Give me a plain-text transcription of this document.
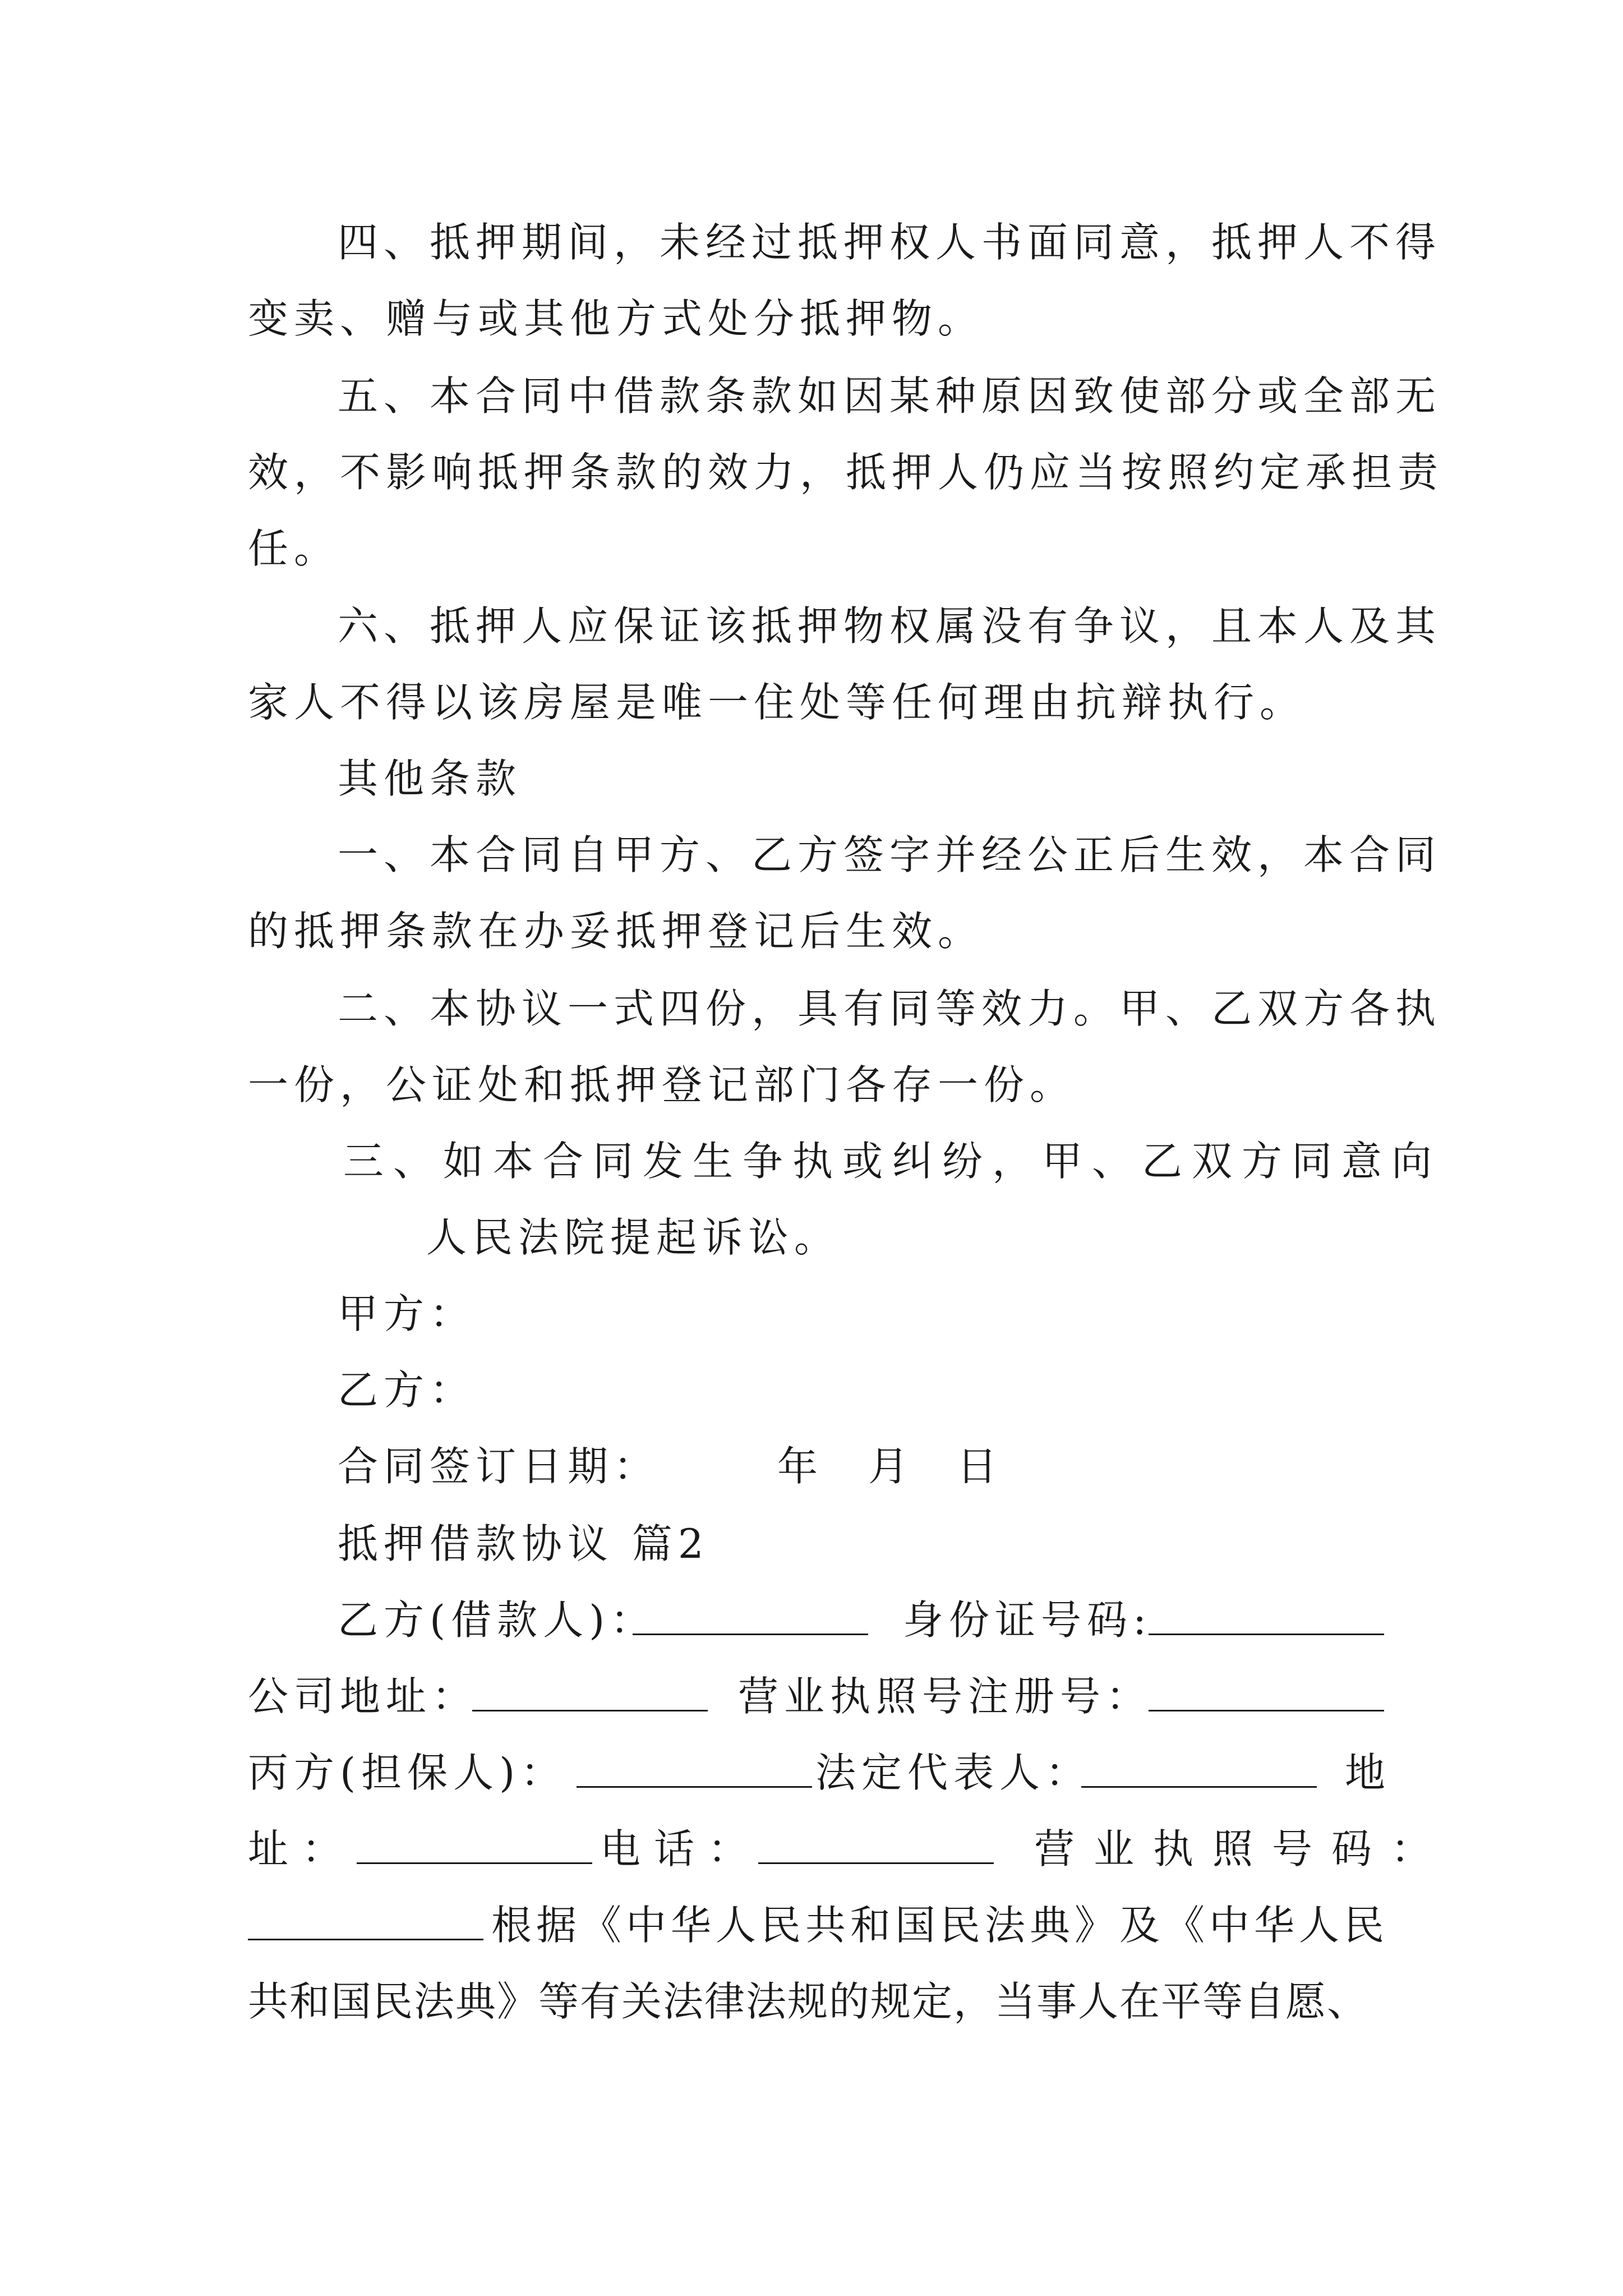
四、抵押期间，未经过抵押权人书面同意，抵押人不得
变卖、赠与或其他方式处分抵押物。
五、本合同中借款条款如因某种原因致使部分或全部无
效，不影响抵押条款的效力，抵押人仍应当按照约定承担责
任。
六、抵押人应保证该抵押物权属没有争议，且本人及其
家人不得以该房屋是唯一住处等任何理由抗辩执行。
其他条款
一、本合同自甲方、乙方签字并经公正后生效，本合同
的抵押条款在办妥抵押登记后生效。
二、本协议一式四份，具有同等效力。甲、乙双方各执
一份，公证处和抵押登记部门各存一份。
三、如本合同发生争执或纠纷，甲、乙双方同意向
人民法院提起诉讼。
甲方：
乙方：
合同签订日期：	年 月 日
抵押借款协议 篇2
乙方(借款人)：	身份证号码:
公司地址：	营业执照号注册号：
丙方(担保人)：	法定代表人：	地
址：	电话：	营业执照号码：
根据《中华人民共和国民法典》及《中华人民
共和国民法典》等有关法律法规的规定，当事人在平等自愿、
